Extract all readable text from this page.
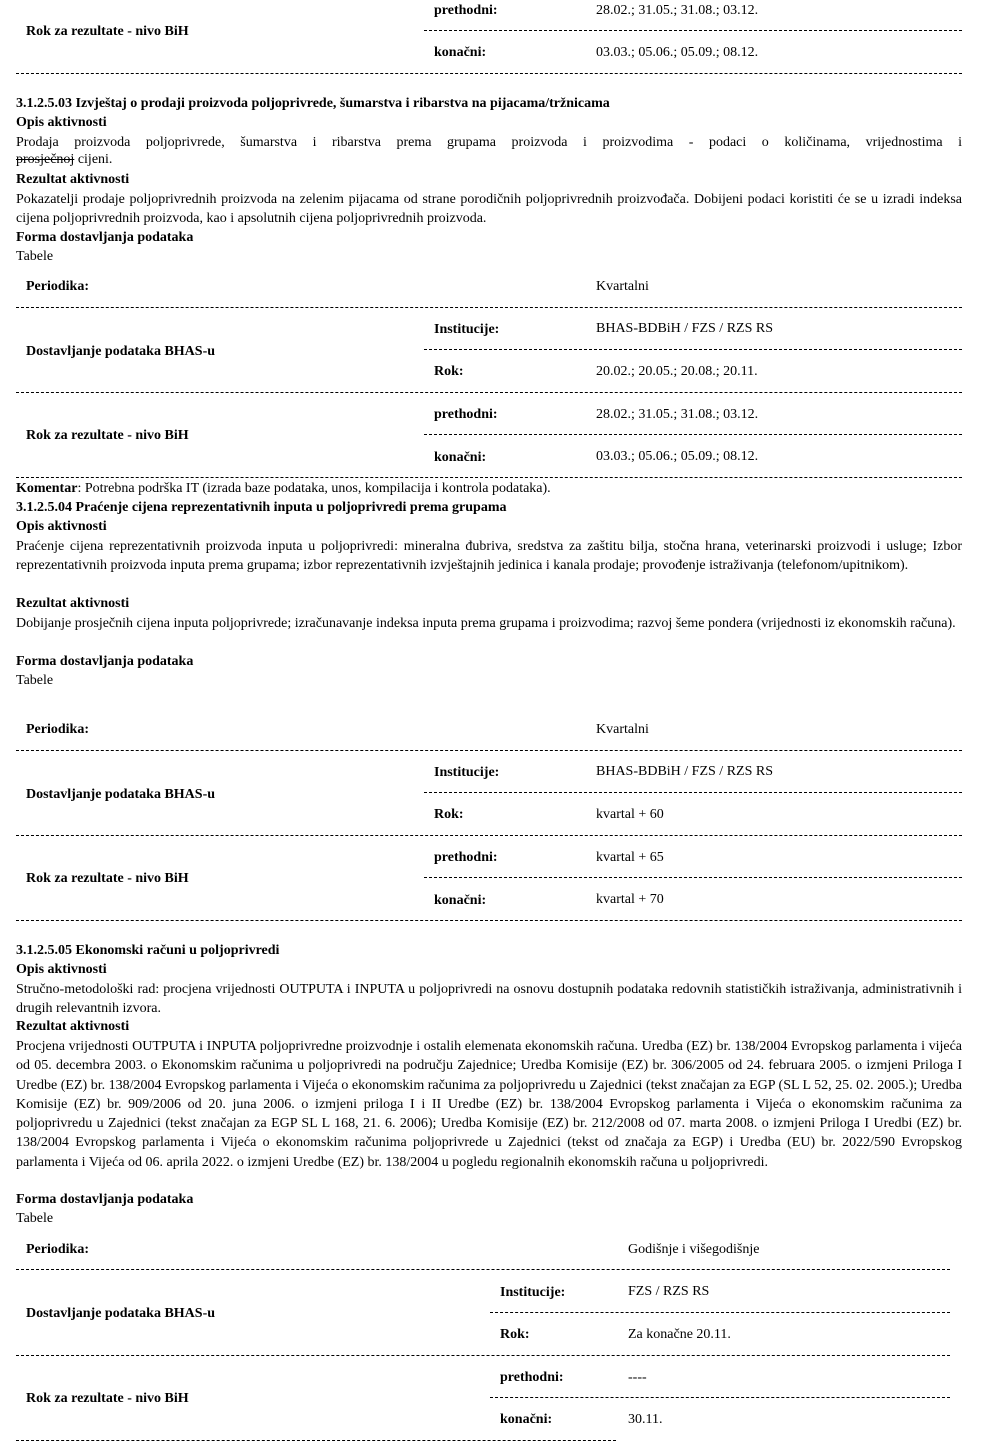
prethodni:	28.02.; 31.05.; 31.08.; 03.12.
Rok za rezultate - nivo BiH
konačni:	03.03.; 05.06.; 05.09.; 08.12.
3.1.2.5.03 Izvještaj o prodaji proizvoda poljoprivrede, šumarstva i ribarstva na pijacama/tržnicama
Opis aktivnosti
Prodaja proizvoda poljoprivrede, šumarstva i ribarstva prema grupama proizvoda i proizvodima - podaci o količinama, vrijednostima i
prosječnoj cijeni.
Rezultat aktivnosti
Pokazatelji prodaje poljoprivrednih proizvoda na zelenim pijacama od strane porodičnih poljoprivrednih proizvođača. Dobijeni podaci koristiti će se u izradi indeksa cijena poljoprivrednih proizvoda, kao i apsolutnih cijena poljoprivrednih proizvoda.
Forma dostavljanja podataka
Tabele
Periodika:	Kvartalni
Institucije:	BHAS-BDBiH / FZS / RZS RS
Dostavljanje podataka BHAS-u
Rok:	20.02.; 20.05.; 20.08.; 20.11.
prethodni:	28.02.; 31.05.; 31.08.; 03.12.
Rok za rezultate - nivo BiH
konačni:	03.03.; 05.06.; 05.09.; 08.12.
Komentar: Potrebna podrška IT (izrada baze podataka, unos, kompilacija i kontrola podataka).
3.1.2.5.04 Praćenje cijena reprezentativnih inputa u poljoprivredi prema grupama
Opis aktivnosti
Praćenje cijena reprezentativnih proizvoda inputa u poljoprivredi: mineralna đubriva, sredstva za zaštitu bilja, stočna hrana, veterinarski proizvodi i usluge; Izbor reprezentativnih proizvoda inputa prema grupama; izbor reprezentativnih izvještajnih jedinica i kanala prodaje; provođenje istraživanja (telefonom/upitnikom).
Rezultat aktivnosti
Dobijanje prosječnih cijena inputa poljoprivrede; izračunavanje indeksa inputa prema grupama i proizvodima; razvoj šeme pondera (vrijednosti iz ekonomskih računa).
Forma dostavljanja podataka
Tabele
Periodika:	Kvartalni
Institucije:	BHAS-BDBiH / FZS / RZS RS
Dostavljanje podataka BHAS-u
Rok:	kvartal + 60
prethodni:	kvartal + 65
Rok za rezultate - nivo BiH
konačni:	kvartal + 70
3.1.2.5.05 Ekonomski računi u poljoprivredi
Opis aktivnosti
Stručno-metodološki rad: procjena vrijednosti OUTPUTA i INPUTA u poljoprivredi na osnovu dostupnih podataka redovnih statističkih istraživanja, administrativnih i drugih relevantnih izvora.
Rezultat aktivnosti
Procjena vrijednosti OUTPUTA i INPUTA poljoprivredne proizvodnje i ostalih elemenata ekonomskih računa. Uredba (EZ) br. 138/2004 Evropskog parlamenta i vijeća od 05. decembra 2003. o Ekonomskim računima u poljoprivredi na području Zajednice; Uredba Komisije (EZ) br. 306/2005 od 24. februara 2005. o izmjeni Priloga I Uredbe (EZ) br. 138/2004 Evropskog parlamenta i Vijeća o ekonomskim računima za poljoprivredu u Zajednici (tekst značajan za EGP (SL L 52, 25. 02. 2005.); Uredba Komisije (EZ) br. 909/2006 od 20. juna 2006. o izmjeni priloga I i II Uredbe (EZ) br. 138/2004 Evropskog parlamenta i Vijeća o ekonomskim računima za poljoprivredu u Zajednici (tekst značajan za EGP SL L 168, 21. 6. 2006); Uredba Komisije (EZ) br. 212/2008 od 07. marta 2008. o izmjeni Priloga I Uredbi (EZ) br. 138/2004 Evropskog parlamenta i Vijeća o ekonomskim računima poljoprivrede u Zajednici (tekst od značaja za EGP) i Uredba (EU) br. 2022/590 Evropskog parlamenta i Vijeća od 06. aprila 2022. o izmjeni Uredbe (EZ) br. 138/2004 u pogledu regionalnih ekonomskih računa u poljoprivredi.
Forma dostavljanja podataka
Tabele
Periodika:	Godišnje i višegodišnje
Institucije:	FZS / RZS RS
Dostavljanje podataka BHAS-u
Rok:	Za konačne 20.11.
prethodni:	----
Rok za rezultate - nivo BiH
konačni:	30.11.
